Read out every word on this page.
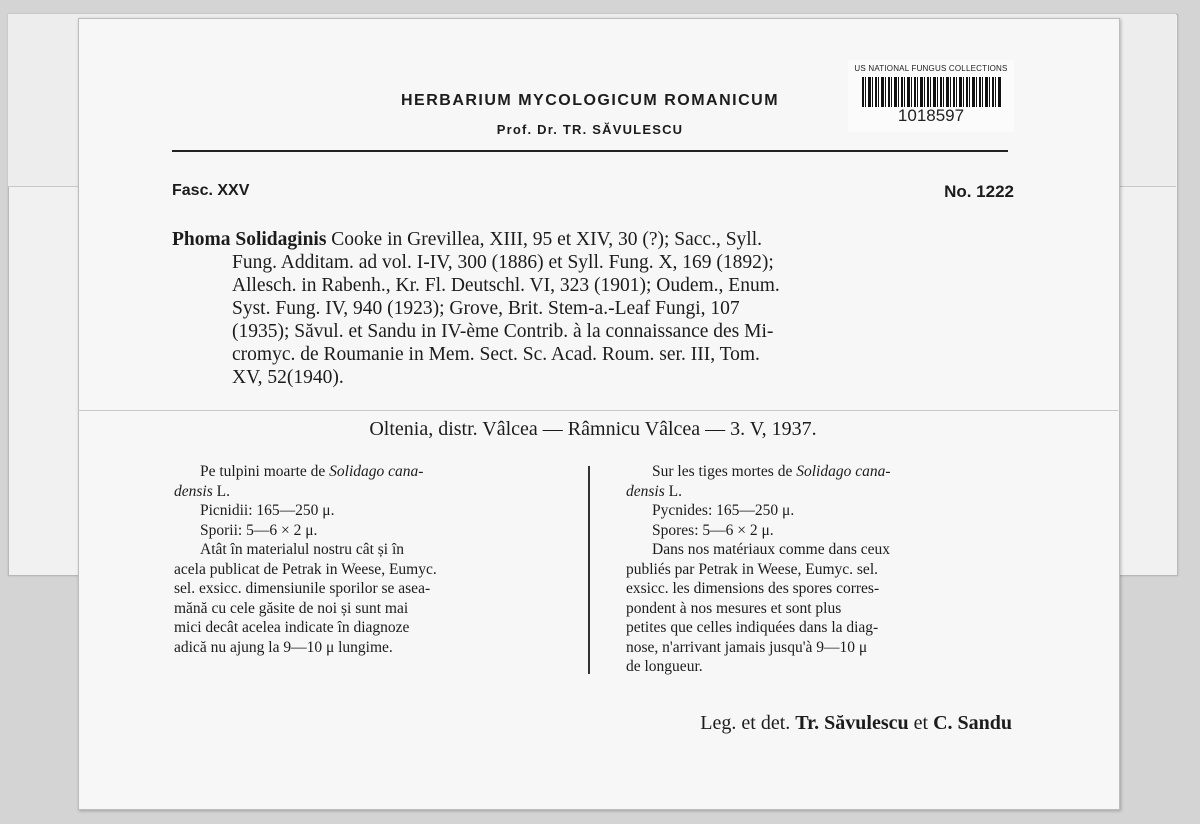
US NATIONAL FUNGUS COLLECTIONS
1018597
HERBARIUM MYCOLOGICUM ROMANICUM
Prof. Dr. TR. SĂVULESCU
Fasc. XXV	No. 1222
Phoma Solidaginis Cooke in Grevillea, XIII, 95 et XIV, 30 (?); Sacc., Syll.
Fung. Additam. ad vol. I-IV, 300 (1886) et Syll. Fung. X, 169 (1892);
Allesch. in Rabenh., Kr. Fl. Deutschl. VI, 323 (1901); Oudem., Enum.
Syst. Fung. IV, 940 (1923); Grove, Brit. Stem-a.-Leaf Fungi, 107
(1935); Săvul. et Sandu in IV-ème Contrib. à la connaissance des Mi-
cromyc. de Roumanie in Mem. Sect. Sc. Acad. Roum. ser. III, Tom.
XV, 52(1940).
Oltenia, distr. Vâlcea — Râmnicu Vâlcea — 3. V, 1937.
Pe tulpini moarte de Solidago cana-
densis L.
Picnidii: 165—250 μ.
Sporii: 5—6 × 2 μ.
Atât în materialul nostru cât și în
acela publicat de Petrak in Weese, Eumyc.
sel. exsicc. dimensiunile sporilor se asea-
mănă cu cele găsite de noi și sunt mai
mici decât acelea indicate în diagnoze
adică nu ajung la 9—10 μ lungime.
Sur les tiges mortes de Solidago cana-
densis L.
Pycnides: 165—250 μ.
Spores: 5—6 × 2 μ.
Dans nos matériaux comme dans ceux
publiés par Petrak in Weese, Eumyc. sel.
exsicc. les dimensions des spores corres-
pondent à nos mesures et sont plus
petites que celles indiquées dans la diag-
nose, n'arrivant jamais jusqu'à 9—10 μ
de longueur.
Leg. et det. Tr. Săvulescu et C. Sandu
